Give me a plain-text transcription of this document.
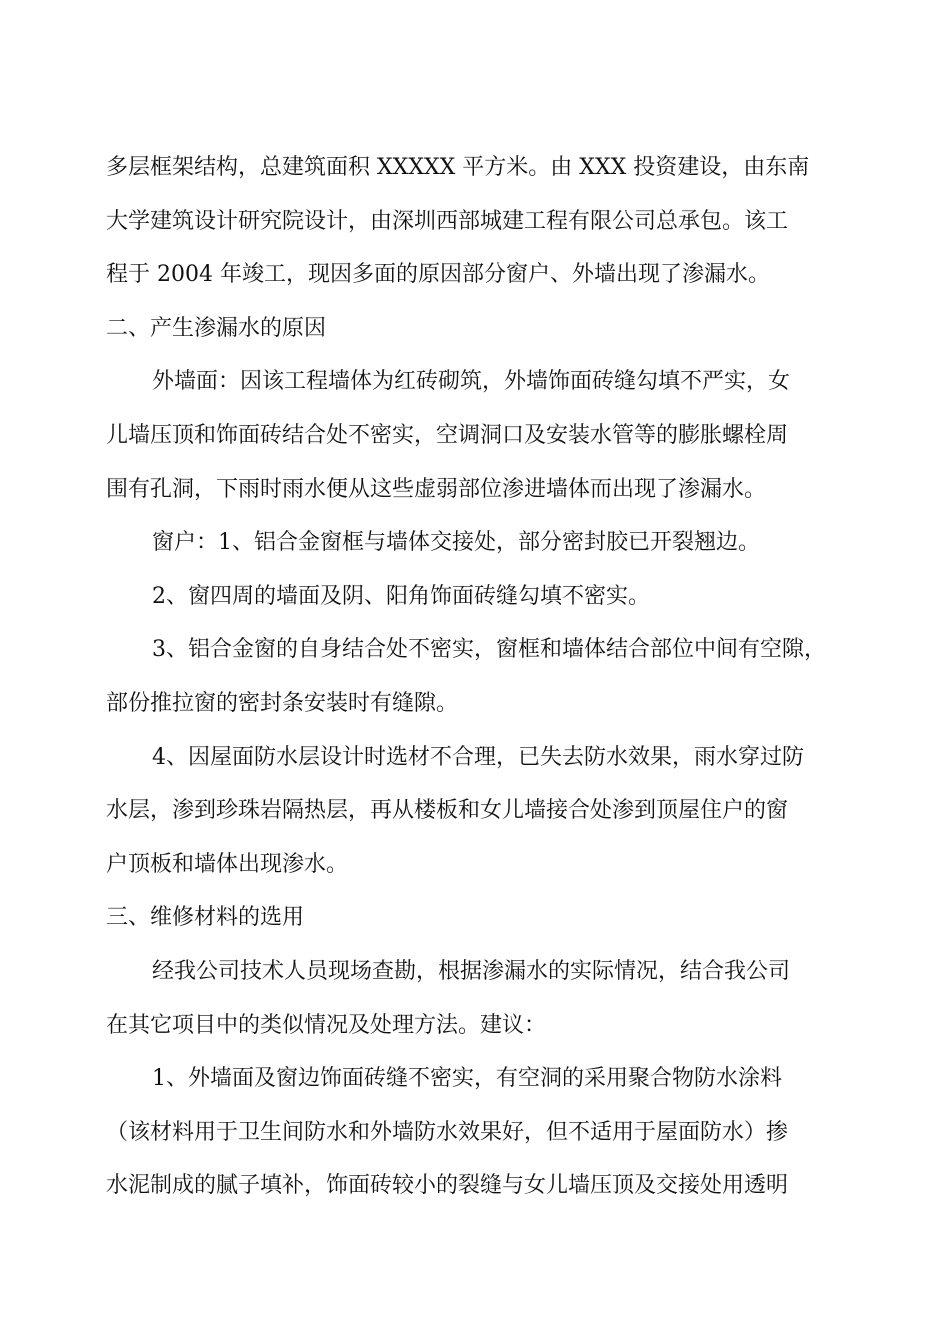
多层框架结构，总建筑面积 XXXXX 平方米。由 XXX 投资建设，由东南
大学建筑设计研究院设计，由深圳西部城建工程有限公司总承包。该工
程于 2004 年竣工，现因多面的原因部分窗户、外墙出现了渗漏水。
二、产生渗漏水的原因
外墙面：因该工程墙体为红砖砌筑，外墙饰面砖缝勾填不严实，女
儿墙压顶和饰面砖结合处不密实，空调洞口及安装水管等的膨胀螺栓周
围有孔洞，下雨时雨水便从这些虚弱部位渗进墙体而出现了渗漏水。
窗户：1、铝合金窗框与墙体交接处，部分密封胶已开裂翘边。
2、窗四周的墙面及阴、阳角饰面砖缝勾填不密实。
3、铝合金窗的自身结合处不密实，窗框和墙体结合部位中间有空隙，
部份推拉窗的密封条安装时有缝隙。
4、因屋面防水层设计时选材不合理，已失去防水效果，雨水穿过防
水层，渗到珍珠岩隔热层，再从楼板和女儿墙接合处渗到顶屋住户的窗
户顶板和墙体出现渗水。
三、维修材料的选用
经我公司技术人员现场查勘，根据渗漏水的实际情况，结合我公司
在其它项目中的类似情况及处理方法。建议：
1、外墙面及窗边饰面砖缝不密实，有空洞的采用聚合物防水涂料
（该材料用于卫生间防水和外墙防水效果好，但不适用于屋面防水）掺
水泥制成的腻子填补，饰面砖较小的裂缝与女儿墙压顶及交接处用透明
